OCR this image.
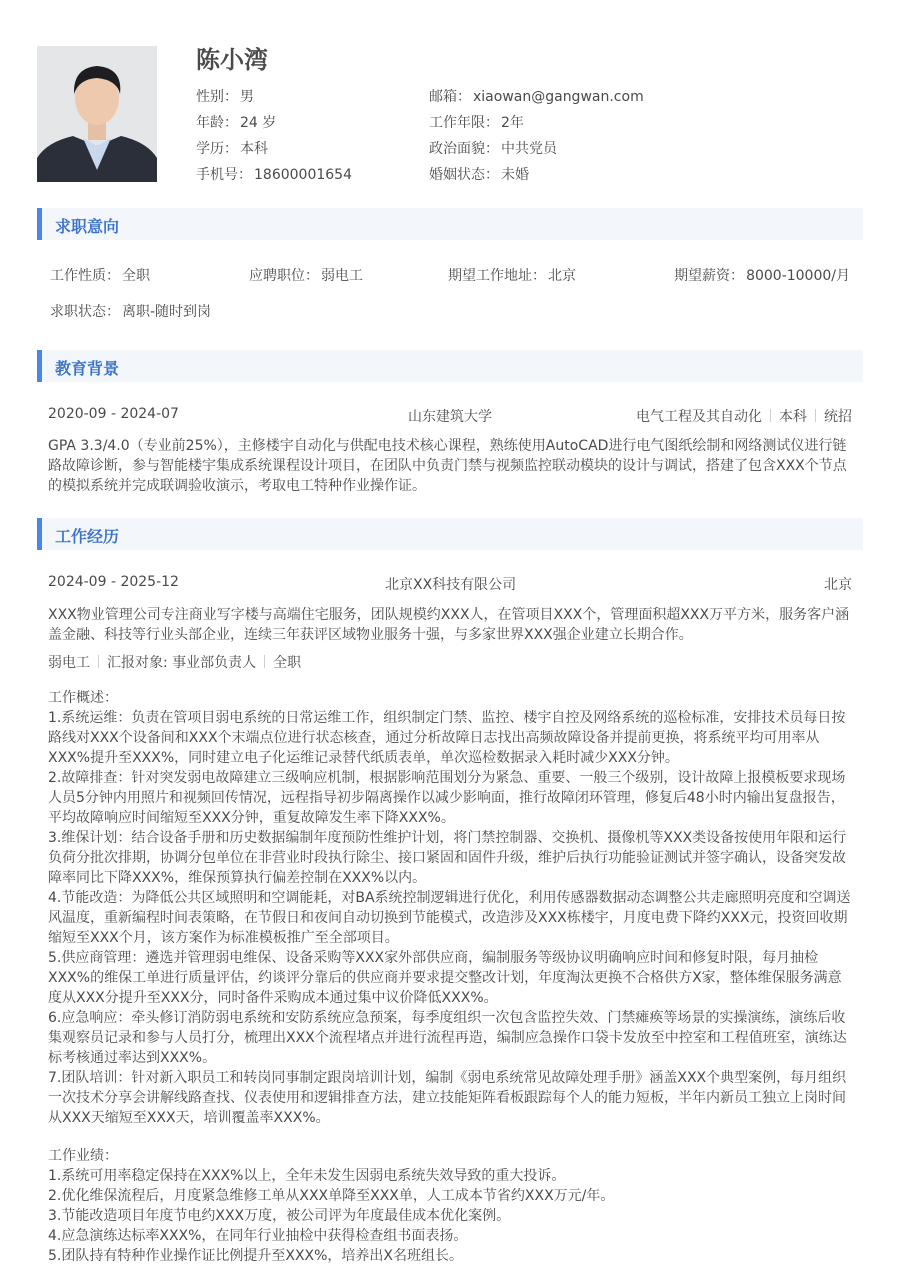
陈小湾
性别： 男	邮箱： xiaowan@gangwan.com
年龄： 24 岁	工作年限： 2年
学历： 本科	政治面貌： 中共党员
手机号： 18600001654	婚姻状态： 未婚
求职意向
工作性质： 全职	应聘职位： 弱电工	期望工作地址： 北京	期望薪资： 8000-10000/月
求职状态： 离职-随时到岗
教育背景
2020-09 - 2024-07	山东建筑大学	电气工程及其自动化 本科 统招

GPA 3.3/4.0（专业前25%），主修楼宇自动化与供配电技术核心课程，熟练使用AutoCAD进行电气图纸绘制和网络测试仪进行链路故障诊断，参与智能楼宇集成系统课程设计项目，在团队中负责门禁与视频监控联动模块的设计与调试，搭建了包含XXX个节点的模拟系统并完成联调验收演示，考取电工特种作业操作证。

工作经历
2024-09 - 2025-12	北京XX科技有限公司	北京

XXX物业管理公司专注商业写字楼与高端住宅服务，团队规模约XXX人，在管项目XXX个，管理面积超XXX万平方米，服务客户涵盖金融、科技等行业头部企业，连续三年获评区域物业服务十强，与多家世界XXX强企业建立长期合作。

弱电工 汇报对象: 事业部负责人 全职
工作概述：
1.系统运维：负责在管项目弱电系统的日常运维工作，组织制定门禁、监控、楼宇自控及网络系统的巡检标准，安排技术员每日按路线对XXX个设备间和XXX个末端点位进行状态核查，通过分析故障日志找出高频故障设备并提前更换，将系统平均可用率从XXX%提升至XXX%，同时建立电子化运维记录替代纸质表单，单次巡检数据录入耗时减少XXX分钟。
2.故障排查：针对突发弱电故障建立三级响应机制，根据影响范围划分为紧急、重要、一般三个级别，设计故障上报模板要求现场人员5分钟内用照片和视频回传情况，远程指导初步隔离操作以减少影响面，推行故障闭环管理，修复后48小时内输出复盘报告，平均故障响应时间缩短至XXX分钟，重复故障发生率下降XXX%。
3.维保计划：结合设备手册和历史数据编制年度预防性维护计划，将门禁控制器、交换机、摄像机等XXX类设备按使用年限和运行负荷分批次排期，协调分包单位在非营业时段执行除尘、接口紧固和固件升级，维护后执行功能验证测试并签字确认，设备突发故障率同比下降XXX%，维保预算执行偏差控制在XXX%以内。
4.节能改造：为降低公共区域照明和空调能耗，对BA系统控制逻辑进行优化，利用传感器数据动态调整公共走廊照明亮度和空调送风温度，重新编程时间表策略，在节假日和夜间自动切换到节能模式，改造涉及XXX栋楼宇，月度电费下降约XXX元，投资回收期缩短至XXX个月，该方案作为标准模板推广至全部项目。
5.供应商管理：遴选并管理弱电维保、设备采购等XXX家外部供应商，编制服务等级协议明确响应时间和修复时限，每月抽检XXX%的维保工单进行质量评估，约谈评分靠后的供应商并要求提交整改计划，年度淘汰更换不合格供方X家，整体维保服务满意度从XXX分提升至XXX分，同时备件采购成本通过集中议价降低XXX%。
6.应急响应：牵头修订消防弱电系统和安防系统应急预案，每季度组织一次包含监控失效、门禁瘫痪等场景的实操演练，演练后收集观察员记录和参与人员打分，梳理出XXX个流程堵点并进行流程再造，编制应急操作口袋卡发放至中控室和工程值班室，演练达标考核通过率达到XXX%。
7.团队培训：针对新入职员工和转岗同事制定跟岗培训计划，编制《弱电系统常见故障处理手册》涵盖XXX个典型案例，每月组织一次技术分享会讲解线路查找、仪表使用和逻辑排查方法，建立技能矩阵看板跟踪每个人的能力短板，半年内新员工独立上岗时间从XXX天缩短至XXX天，培训覆盖率XXX%。
工作业绩：
1.系统可用率稳定保持在XXX%以上，全年未发生因弱电系统失效导致的重大投诉。
2.优化维保流程后，月度紧急维修工单从XXX单降至XXX单，人工成本节省约XXX万元/年。
3.节能改造项目年度节电约XXX万度，被公司评为年度最佳成本优化案例。
4.应急演练达标率XXX%，在同年行业抽检中获得检查组书面表扬。
5.团队持有特种作业操作证比例提升至XXX%，培养出X名班组长。
